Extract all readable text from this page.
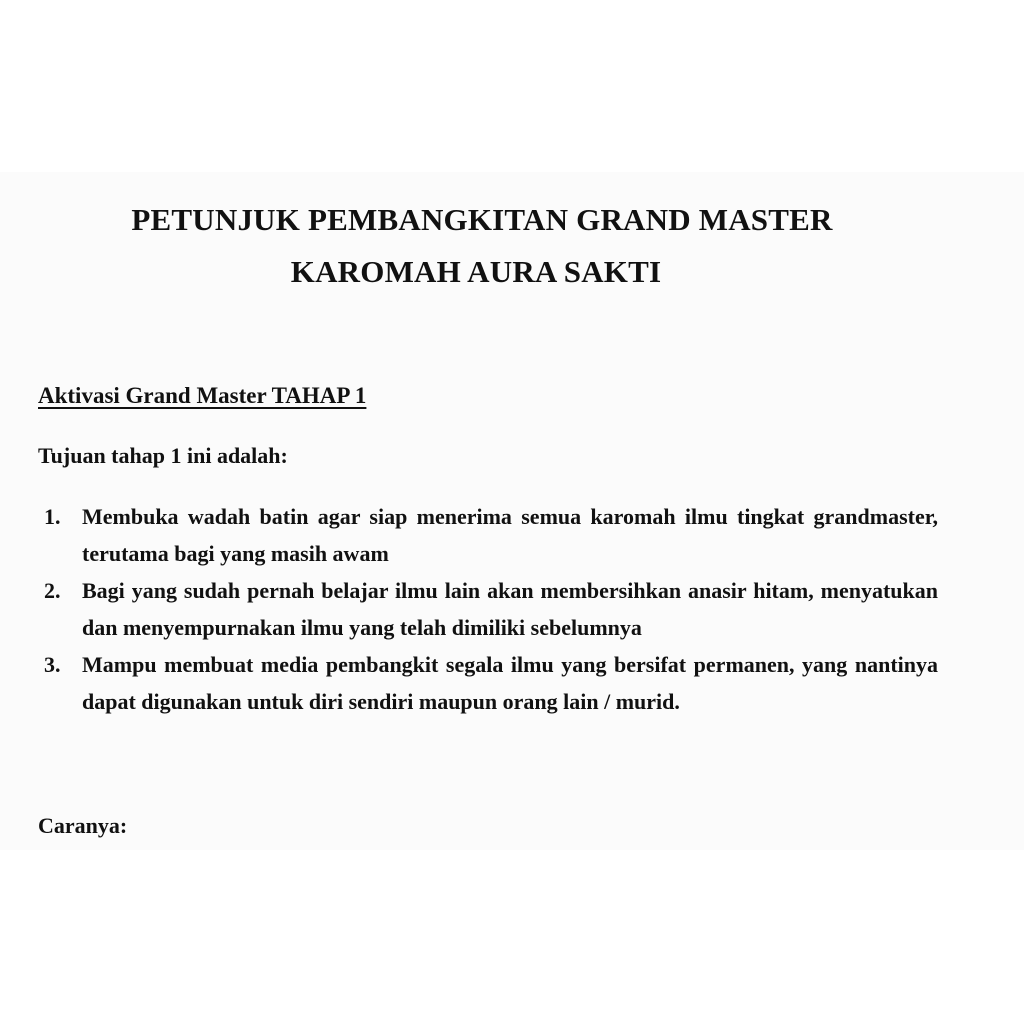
PETUNJUK PEMBANGKITAN GRAND MASTER
KAROMAH AURA SAKTI
Aktivasi Grand Master TAHAP 1

Tujuan tahap 1 ini adalah:

1. Membuka wadah batin agar siap menerima semua karomah ilmu tingkat grandmaster, terutama bagi yang masih awam
2. Bagi yang sudah pernah belajar ilmu lain akan membersihkan anasir hitam, menyatukan dan menyempurnakan ilmu yang telah dimiliki sebelumnya
3. Mampu membuat media pembangkit segala ilmu yang bersifat permanen, yang nantinya dapat digunakan untuk diri sendiri maupun orang lain / murid.

Caranya:
